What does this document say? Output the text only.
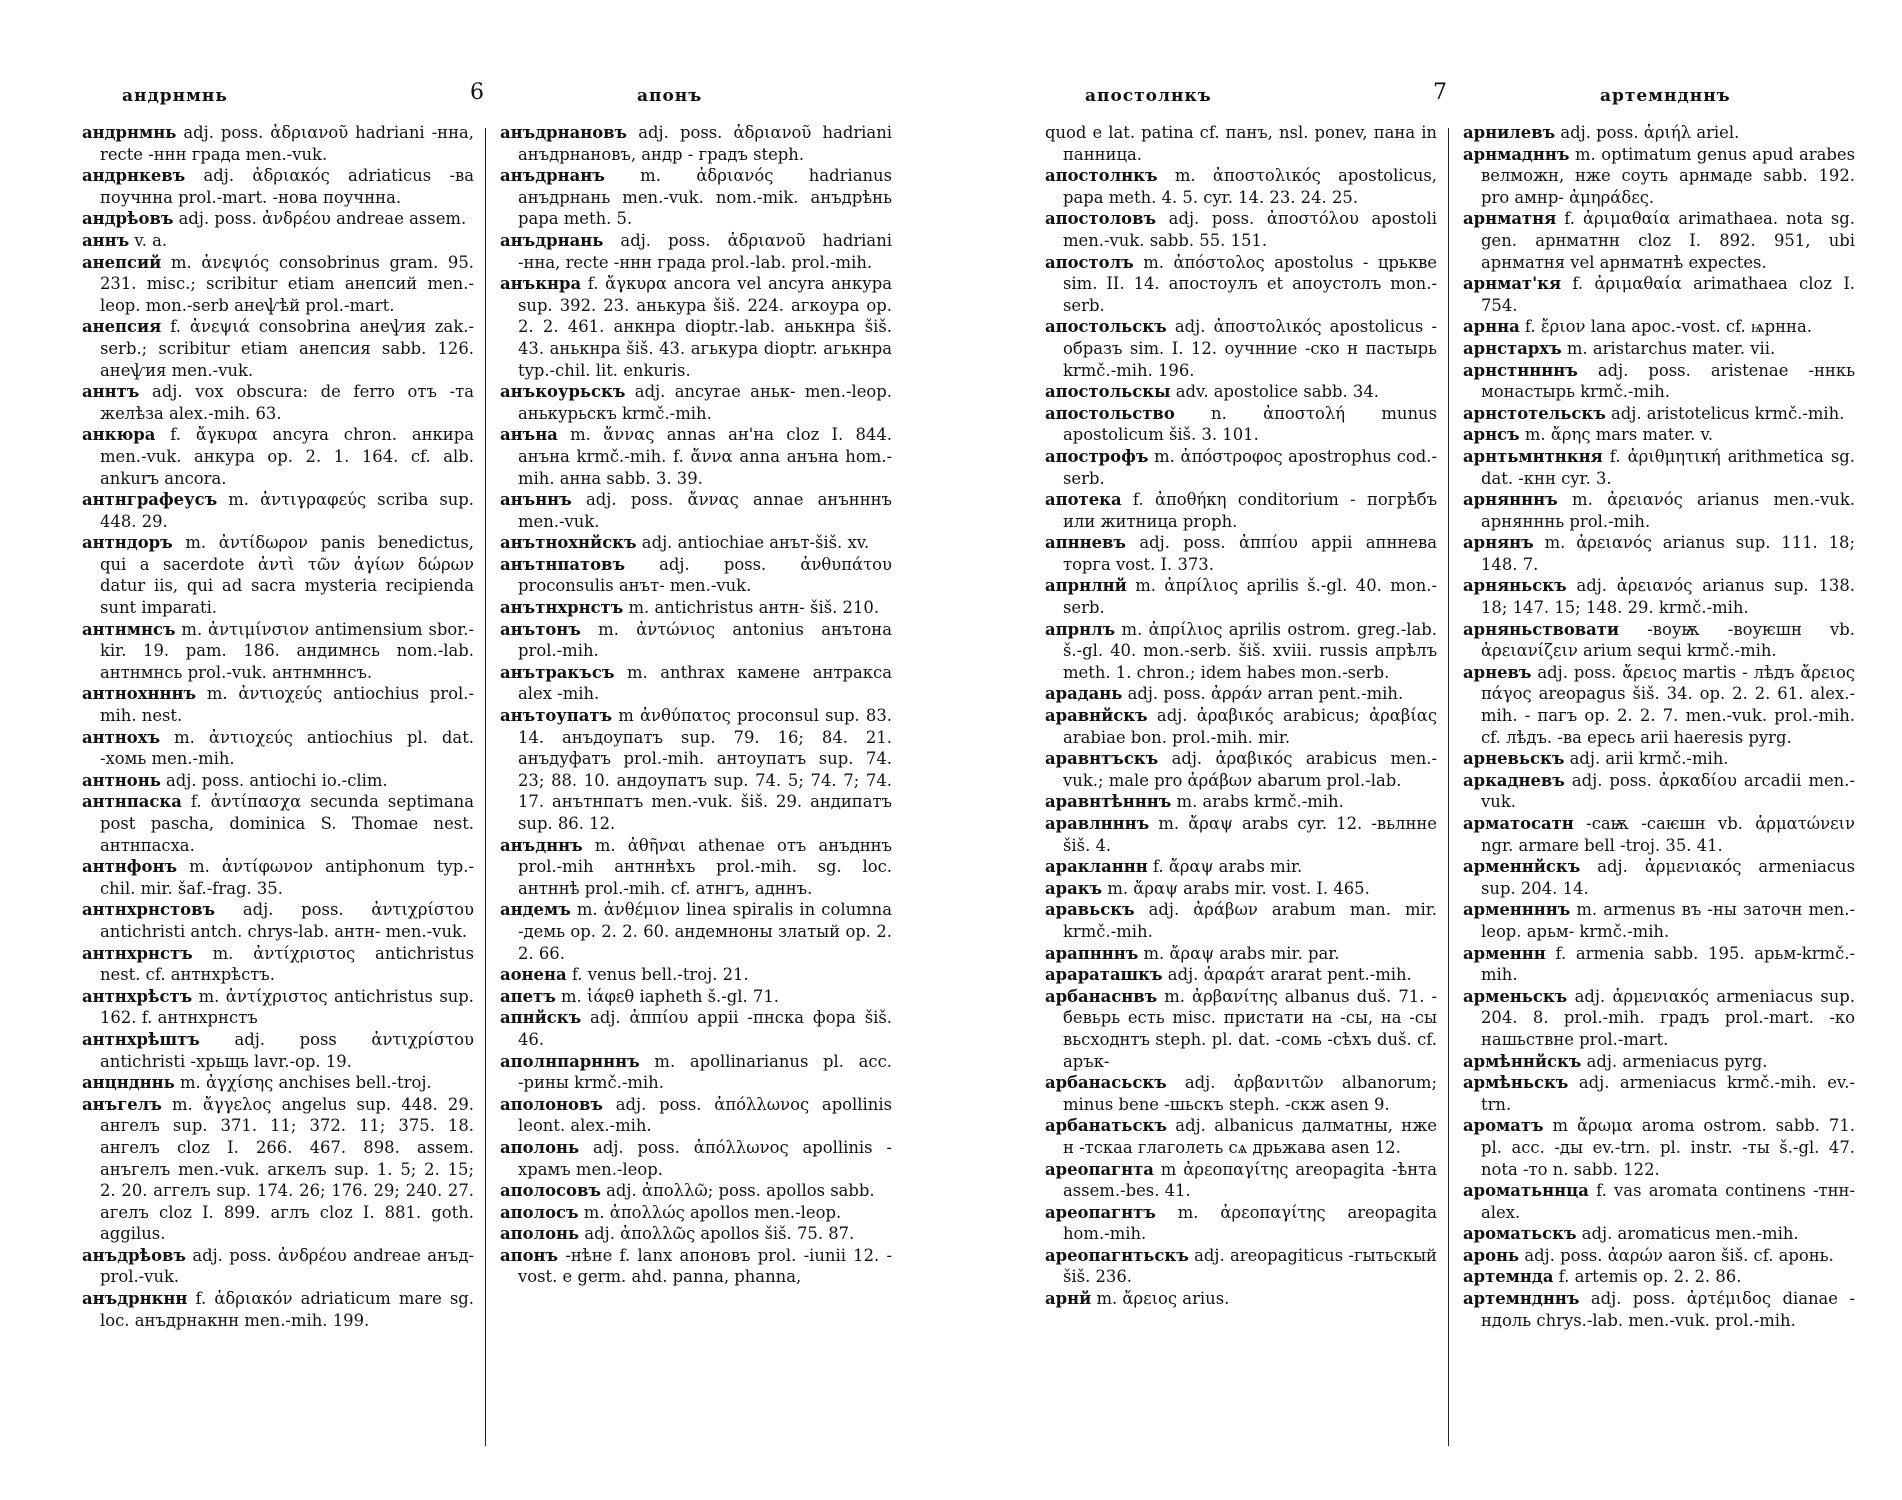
андрнмнь	6	апонъ

андрнмнь adj. poss. ἀδριανοῦ hadriani -нна, recte -ннн града men.-vuk.

андрнкевъ adj. ἀδριακός adriaticus -ва поучнна prol.-mart. -нова поучнна.

андрѣовъ adj. poss. ἀνδρέου andreae assem.

аннъ v. а.

анепсий m. ἀνεψιός consobrinus gram. 95. 231. misc.; scribitur etiam анепсий men.-leop. mon.-serb анеѱѣй prol.-mart.

анепсия f. ἀνεψιά consobrina анеѱия zak.-serb.; scribitur etiam анепсия sabb. 126. анеѱия men.-vuk.

аннтъ adj. vox obscura: de ferro отъ -та желѣза alex.-mih. 63.

анкюра f. ἄγκυρα ancyra chron. анкира men.-vuk. анкура op. 2. 1. 164. cf. alb. ankurъ ancora.

антнграфеусъ m. ἀντιγραφεύς scriba sup. 448. 29.

антндоръ m. ἀντίδωρον panis benedictus, qui a sacerdote ἀντὶ τῶν ἁγίων δώρων datur iis, qui ad sacra mysteria recipienda sunt imparati.

антнмнсъ m. ἀντιμίνσιον antimensium sbor.-kir. 19. pam. 186. андимнсь nom.-lab. антнмнсь prol.-vuk. антнмннсъ.

антнохнннъ m. ἀντιοχεύς antiochius prol.-mih. nest.

антнохъ m. ἀντιοχεύς antiochius pl. dat. -хомь men.-mih.

антнонь adj. poss. antiochi io.-clim.

антнпаска f. ἀντίπασχα secunda septimana post pascha, dominica S. Thomae nest. антнпасха.

антнфонъ m. ἀντίφωνον antiphonum typ.-chil. mir. šaf.-frag. 35.

антнхрнстовъ adj. poss. ἀντιχρίστου antichristi antch. chrys-lab. антн- men.-vuk.

антнхрнстъ m. ἀντίχριστος antichristus nest. cf. антнхрѣстъ.

антнхрѣстъ m. ἀντίχριστος antichristus sup. 162. f. антнхрнстъ

антнхрѣштъ adj. poss ἀντιχρίστου antichristi -хрьщь lavr.-op. 19.

анцндннь m. ἀγχίσης anchises bell.-troj.

анъгелъ m. ἄγγελος angelus sup. 448. 29. ангелъ sup. 371. 11; 372. 11; 375. 18. ангелъ cloz I. 266. 467. 898. assem. анъгелъ men.-vuk. агкелъ sup. 1. 5; 2. 15; 2. 20. аггелъ sup. 174. 26; 176. 29; 240. 27. агелъ cloz I. 899. аглъ cloz I. 881. goth. aggilus.

анъдрѣовъ adj. poss. ἀνδρέου andreae анъд- prol.-vuk.

анъдрнкнн f. ἀδριακόν adriaticum mare sg. loc. анъдрнакнн men.-mih. 199.

анъдрнановъ adj. poss. ἀδριανοῦ hadriani анъдрнановъ, андр - градъ steph.

анъдрнанъ m. ἀδριανός hadrianus анъдрнань men.-vuk. nom.-mik. анъдрѣнь papa meth. 5.

анъдрнань adj. poss. ἀδριανοῦ hadriani -нна, recte -ннн града prol.-lab. prol.-mih.

анъкнра f. ἄγκυρα ancora vel ancyra анкура sup. 392. 23. анькура šiš. 224. агкоура op. 2. 2. 461. анкнра dioptr.-lab. анькнра šiš. 43. анькнра šiš. 43. агькура dioptr. агькнра typ.-chil. lit. enkuris.

анъкоурьскъ adj. ancyrae аньк- men.-leop. анькурьскъ krmč.-mih.

анъна m. ἄννας annas ан'на cloz I. 844. анъна krmč.-mih. f. ἄννα anna анъна hom.-mih. анна sabb. 3. 39.

анъннъ adj. poss. ἄννας annae анънннъ men.-vuk.

анътнохнйскъ adj. antiochiae анът-šiš. xv.

анътнпатовъ adj. poss. ἀνθυπάτου proconsulis анът- men.-vuk.

анътнхрнстъ m. antichristus антн- šiš. 210.

анътонъ m. ἀντώνιος antonius анътона prol.-mih.

анътракъсъ m. anthrax камене антракса alex -mih.

анътоупатъ m ἀνθύπατος proconsul sup. 83. 14. анъдоупатъ sup. 79. 16; 84. 21. анъдуфатъ prol.-mih. антоупатъ sup. 74. 23; 88. 10. андоупатъ sup. 74. 5; 74. 7; 74. 17. анътнпатъ men.-vuk. šiš. 29. андипатъ sup. 86. 12.

анъдннъ m. ἀθῆναι athenae отъ анъдннъ prol.-mih антннѣхъ prol.-mih. sg. loc. антннѣ prol.-mih. cf. атнгъ, адннъ.

андемъ m. ἀνθέμιον linea spiralis in columna -демь op. 2. 2. 60. андемноны златый op. 2. 2. 66.

аонена f. venus bell.-troj. 21.

апетъ m. ἰάφεθ iapheth š.-gl. 71.

апнйскъ adj. ἀππίου appii -пнска фора šiš. 46.

аполнпарнннъ m. apollinarianus pl. acc. -рины krmč.-mih.

аполоновъ adj. poss. ἀπόλλωνος apollinis leont. alex.-mih.

аполонь adj. poss. ἀπόλλωνος apollinis - храмъ men.-leop.

аполосовъ adj. ἀπολλῶ; poss. apollos sabb.

аполосъ m. ἀπολλώς apollos men.-leop.

аполонь adj. ἀπολλῶς apollos šiš. 75. 87.

апонъ -нѣне f. lanx апоновъ prol. -iunii 12. - vost. e germ. ahd. panna, phanna,

апостолнкъ	7	артемндннъ

quod e lat. patina cf. панъ, nsl. ponev, пана in панница.

апостолнкъ m. ἀποστολικός apostolicus, papa meth. 4. 5. cyr. 14. 23. 24. 25.

апостоловъ adj. poss. ἀποστόλου apostoli men.-vuk. sabb. 55. 151.

апостолъ m. ἀπόστολος apostolus - црькве sim. II. 14. апостоулъ et апоустолъ mon.-serb.

апостольскъ adj. ἀποστολικός apostolicus - образъ sim. I. 12. оучнние -ско н пастырь krmč.-mih. 196.

апостольскы adv. apostolice sabb. 34.

апостольство n. ἀποστολή munus apostolicum šiš. 3. 101.

апострофъ m. ἀπόστροφος apostrophus cod.-serb.

апотека f. ἀποθήκη conditorium - погрѣбъ или житница proph.

апнневъ adj. poss. ἀππίου appii апннева торга vost. I. 373.

апрнлнй m. ἀπρίλιος aprilis š.-gl. 40. mon.-serb.

апрнлъ m. ἀπρίλιος aprilis ostrom. greg.-lab. š.-gl. 40. mon.-serb. šiš. xviii. russis апрѣлъ meth. 1. chron.; idem habes mon.-serb.

арадань adj. poss. ἀρράν arran pent.-mih.

аравнйскъ adj. ἀραβικός arabicus; ἀραβίας arabiae bon. prol.-mih. mir.

аравнтъскъ adj. ἀραβικός arabicus men.-vuk.; male pro ἀράβων abarum prol.-lab.

аравнтѣнннъ m. arabs krmč.-mih.

аравлнннъ m. ἄραψ arabs cyr. 12. -вьлнне šiš. 4.

аракланнн f. ἄραψ arabs mir.

аракъ m. ἄραψ arabs mir. vost. I. 465.

аравьскъ adj. ἀράβων arabum man. mir. krmč.-mih.

арапнннъ m. ἄραψ arabs mir. par.

арараташкъ adj. ἀραράτ ararat pent.-mih.

арбанаснвъ m. ἀρβανίτης albanus duš. 71. - бевьрь есть misc. пристати на -сы, на -сы вьсходнтъ steph. pl. dat. -сомь -сѣхъ duš. cf. арък-

арбанасьскъ adj. ἀρβανιτῶν albanorum; minus bene -шьскъ steph. -скж asen 9.

арбанатьскъ adj. albanicus далматны, нже н -тскаа глаголеть сѧ дрьжава asen 12.

ареопагнта m ἀρεοπαγίτης areopagita -ѣнта assem.-bes. 41.

ареопагнтъ m. ἀρεοπαγίτης areopagita hom.-mih.

ареопагнтьскъ adj. areopagiticus -гытьскый šiš. 236.

арнй m. ἄρειος arius.

арнилевъ adj. poss. ἀριήλ ariel.

арнмадннъ m. optimatum genus apud arabes велможн, нже соуть арнмаде sabb. 192. pro амнр- ἀμηράδες.

арнматня f. ἀριμαθαία arimathaea. nota sg. gen. арнматнн cloz I. 892. 951, ubi арнматня vel арнматнѣ expectes.

арнмат'кя f. ἀριμαθαία arimathaea cloz I. 754.

арнна f. ἔριον lana apoc.-vost. cf. ѩрнна.

арнстархъ m. aristarchus mater. vii.

арнстннннъ adj. poss. aristenae -ннкь монастырь krmč.-mih.

арнстотельскъ adj. aristotelicus krmč.-mih.

арнсъ m. ἄρης mars mater. v.

арнтьмнтнкня f. ἀριθμητική arithmetica sg. dat. -кнн cyr. 3.

арнянннъ m. ἀρειανός arianus men.-vuk. арнянннь prol.-mih.

арнянъ m. ἀρειανός arianus sup. 111. 18; 148. 7.

арняньскъ adj. ἀρειανός arianus sup. 138. 18; 147. 15; 148. 29. krmč.-mih.

арняньствовати -воуѭ -воуѥшн vb. ἀρειανίζειν arium sequi krmč.-mih.

арневъ adj. poss. ἄρειος martis - лѣдъ ἄρειος πάγος areopagus šiš. 34. op. 2. 2. 61. alex.-mih. - пагъ op. 2. 2. 7. men.-vuk. prol.-mih. cf. лѣдъ. -ва ересь arii haeresis pyrg.

арневьскъ adj. arii krmč.-mih.

аркадневъ adj. poss. ἀρκαδίου arcadii men.-vuk.

арматосатн -саѭ -саѥшн vb. ἁρματώνειν ngr. armare bell -troj. 35. 41.

арменнйскъ adj. ἀρμενιακός armeniacus sup. 204. 14.

арменнннъ m. armenus въ -ны заточн men.-leop. арьм- krmč.-mih.

арменнн f. armenia sabb. 195. арьм-krmč.-mih.

арменьскъ adj. ἀρμενιακός armeniacus sup. 204. 8. prol.-mih. градъ prol.-mart. -ко нашьствне prol.-mart.

армѣннйскъ adj. armeniacus pyrg.

армѣньскъ adj. armeniacus krmč.-mih. ev.-trn.

ароматъ m ἄρωμα aroma ostrom. sabb. 71. pl. acc. -ды ev.-trn. pl. instr. -ты š.-gl. 47. nota -то n. sabb. 122.

ароматьннца f. vas aromata continens -тнн- alex.

ароматьскъ adj. aromaticus men.-mih.

аронь adj. poss. ἀαρών aaron šiš. cf. аронь.

артемнда f. artemis op. 2. 2. 86.

артемндннъ adj. poss. ἀρτέμιδος dianae - ндоль chrys.-lab. men.-vuk. prol.-mih.
